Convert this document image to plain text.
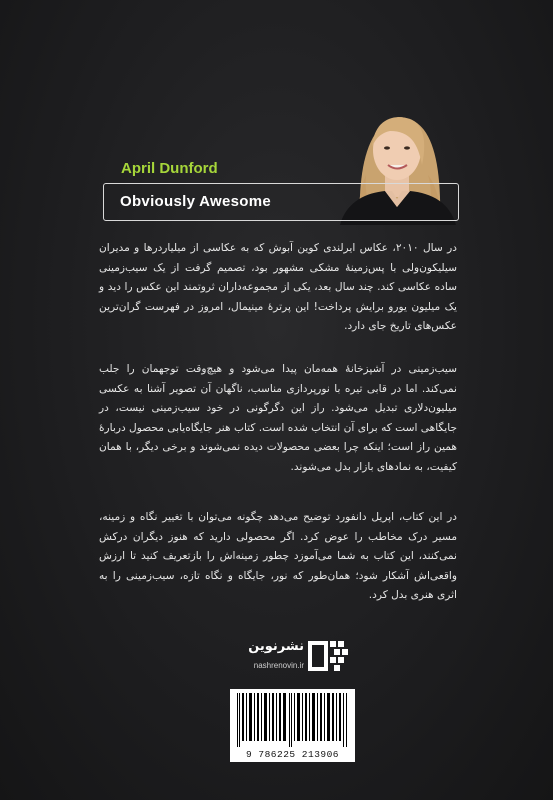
April Dunford
Obviously Awesome

در سال ۲۰۱۰، عکاس ایرلندی کوین آبوش که به عکاسی از میلیاردرها و مدیران سیلیکون‌ولی با پس‌زمینهٔ مشکی مشهور بود، تصمیم گرفت از یک سیب‌زمینی ساده عکاسی کند. چند سال بعد، یکی از مجموعه‌داران ثروتمند این عکس را دید و یک میلیون یورو برایش پرداخت! این پرترهٔ مینیمال، امروز در فهرست گران‌ترین عکس‌های تاریخ جای دارد.

سیب‌زمینی در آشپزخانهٔ همه‌مان پیدا می‌شود و هیچ‌وقت توجهمان را جلب نمی‌کند. اما در قابی تیره با نورپردازی مناسب، ناگهان آن تصویر آشنا به عکسی میلیون‌دلاری تبدیل می‌شود. راز این دگرگونی در خود سیب‌زمینی نیست، در جایگاهی است که برای آن انتخاب شده است. کتاب هنر جایگاه‌یابی محصول دربارهٔ همین راز است؛ اینکه چرا بعضی محصولات دیده نمی‌شوند و برخی دیگر، با همان کیفیت، به نمادهای بازار بدل می‌شوند.

در این کتاب، اپریل دانفورد توضیح می‌دهد چگونه می‌توان با تغییر نگاه و زمینه، مسیر درک مخاطب را عوض کرد. اگر محصولی دارید که هنوز دیگران درکش نمی‌کنند، این کتاب به شما می‌آموزد چطور زمینه‌اش را بازتعریف کنید تا ارزش واقعی‌اش آشکار شود؛ همان‌طور که نور، جایگاه و نگاه تازه، سیب‌زمینی را به اثری هنری بدل کرد.

نشرنوین
nashrenovin.ir
9 786225 213906
